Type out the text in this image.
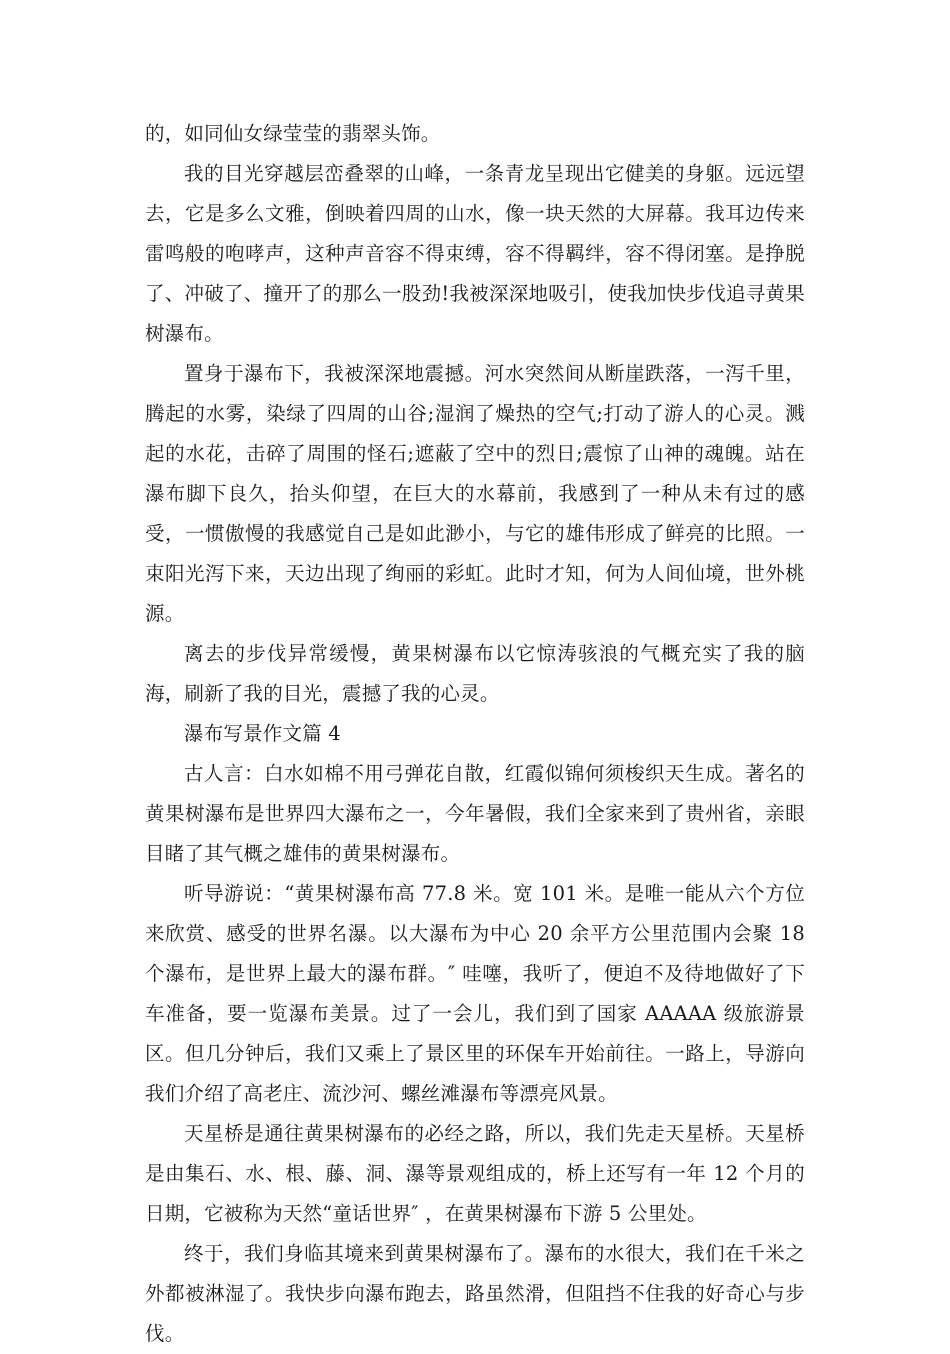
的，如同仙女绿莹莹的翡翠头饰。

我的目光穿越层峦叠翠的山峰，一条青龙呈现出它健美的身躯。远远望去，它是多么文雅，倒映着四周的山水，像一块天然的大屏幕。我耳边传来雷鸣般的咆哮声，这种声音容不得束缚，容不得羁绊，容不得闭塞。是挣脱了、冲破了、撞开了的那么一股劲!我被深深地吸引，使我加快步伐追寻黄果树瀑布。

置身于瀑布下，我被深深地震撼。河水突然间从断崖跌落，一泻千里，腾起的水雾，染绿了四周的山谷;湿润了燥热的空气;打动了游人的心灵。溅起的水花，击碎了周围的怪石;遮蔽了空中的烈日;震惊了山神的魂魄。站在瀑布脚下良久，抬头仰望，在巨大的水幕前，我感到了一种从未有过的感受，一惯傲慢的我感觉自己是如此渺小，与它的雄伟形成了鲜亮的比照。一束阳光泻下来，天边出现了绚丽的彩虹。此时才知，何为人间仙境，世外桃源。

离去的步伐异常缓慢，黄果树瀑布以它惊涛骇浪的气概充实了我的脑海，刷新了我的目光，震撼了我的心灵。

瀑布写景作文篇 4

古人言：白水如棉不用弓弹花自散，红霞似锦何须梭织天生成。著名的黄果树瀑布是世界四大瀑布之一，今年暑假，我们全家来到了贵州省，亲眼目睹了其气概之雄伟的黄果树瀑布。

听导游说：“黄果树瀑布高 77.8 米。宽 101 米。是唯一能从六个方位来欣赏、感受的世界名瀑。以大瀑布为中心 20 余平方公里范围内会聚 18 个瀑布，是世界上最大的瀑布群。″ 哇噻，我听了，便迫不及待地做好了下车准备，要一览瀑布美景。过了一会儿，我们到了国家 AAAAA 级旅游景区。但几分钟后，我们又乘上了景区里的环保车开始前往。一路上，导游向我们介绍了高老庄、流沙河、螺丝滩瀑布等漂亮风景。

天星桥是通往黄果树瀑布的必经之路，所以，我们先走天星桥。天星桥是由集石、水、根、藤、洞、瀑等景观组成的，桥上还写有一年 12 个月的日期，它被称为天然“童话世界″ ，在黄果树瀑布下游 5 公里处。

终于，我们身临其境来到黄果树瀑布了。瀑布的水很大，我们在千米之外都被淋湿了。我快步向瀑布跑去，路虽然滑，但阻挡不住我的好奇心与步伐。
